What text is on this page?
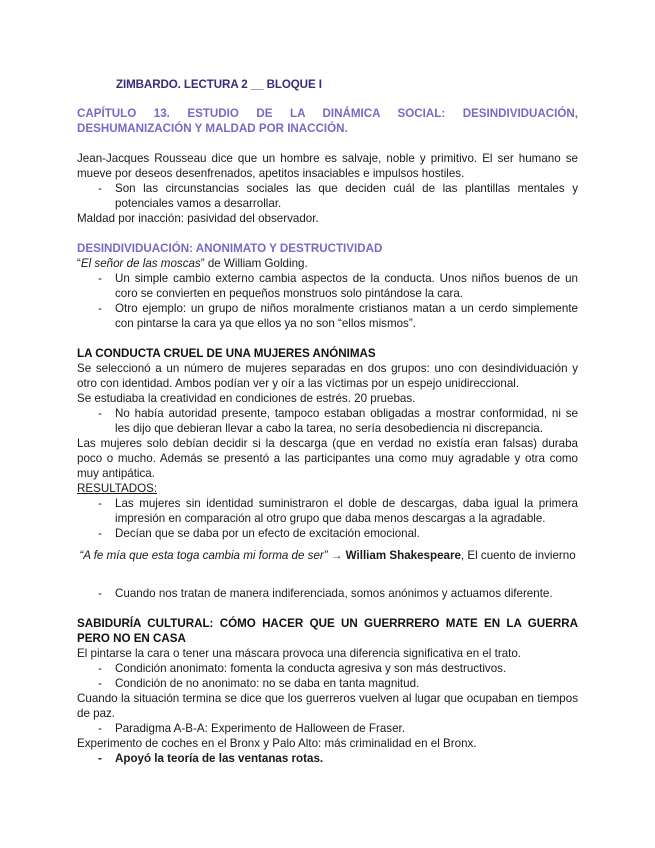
ZIMBARDO. LECTURA 2 __ BLOQUE I
CAPÍTULO 13. ESTUDIO DE LA DINÁMICA SOCIAL: DESINDIVIDUACIÓN,
DESHUMANIZACIÓN Y MALDAD POR INACCIÓN.

Jean-Jacques Rousseau dice que un hombre es salvaje, noble y primitivo. El ser humano se mueve por deseos desenfrenados, apetitos insaciables e impulsos hostiles.

- Son las circunstancias sociales las que deciden cuál de las plantillas mentales y potenciales vamos a desarrollar.

Maldad por inacción: pasividad del observador.

DESINDIVIDUACIÓN: ANONIMATO Y DESTRUCTIVIDAD

“El señor de las moscas” de William Golding.

- Un simple cambio externo cambia aspectos de la conducta. Unos niños buenos de un coro se convierten en pequeños monstruos solo pintándose la cara.
- Otro ejemplo: un grupo de niños moralmente cristianos matan a un cerdo simplemente con pintarse la cara ya que ellos ya no son “ellos mismos”.

LA CONDUCTA CRUEL DE UNA MUJERES ANÓNIMAS

Se seleccionó a un número de mujeres separadas en dos grupos: uno con desindividuación y otro con identidad. Ambos podían ver y oír a las víctimas por un espejo unidireccional.

Se estudiaba la creatividad en condiciones de estrés. 20 pruebas.

- No había autoridad presente, tampoco estaban obligadas a mostrar conformidad, ni se les dijo que debieran llevar a cabo la tarea, no sería desobediencia ni discrepancia.

Las mujeres solo debían decidir si la descarga (que en verdad no existía eran falsas) duraba poco o mucho. Además se presentó a las participantes una como muy agradable y otra como muy antipática.

RESULTADOS:

- Las mujeres sin identidad suministraron el doble de descargas, daba igual la primera impresión en comparación al otro grupo que daba menos descargas a la agradable.
- Decían que se daba por un efecto de excitación emocional.
“A fe mía que esta toga cambia mi forma de ser” → William Shakespeare, El cuento de invierno
- Cuando nos tratan de manera indiferenciada, somos anónimos y actuamos diferente.

SABIDURÍA CULTURAL: CÓMO HACER QUE UN GUERRRERO MATE EN LA GUERRA PERO NO EN CASA

El pintarse la cara o tener una máscara provoca una diferencia significativa en el trato.

- Condición anonimato: fomenta la conducta agresiva y son más destructivos.
- Condición de no anonimato: no se daba en tanta magnitud.

Cuando la situación termina se dice que los guerreros vuelven al lugar que ocupaban en tiempos de paz.

- Paradigma A-B-A: Experimento de Halloween de Fraser.

Experimento de coches en el Bronx y Palo Alto: más criminalidad en el Bronx.

- Apoyó la teoría de las ventanas rotas.
